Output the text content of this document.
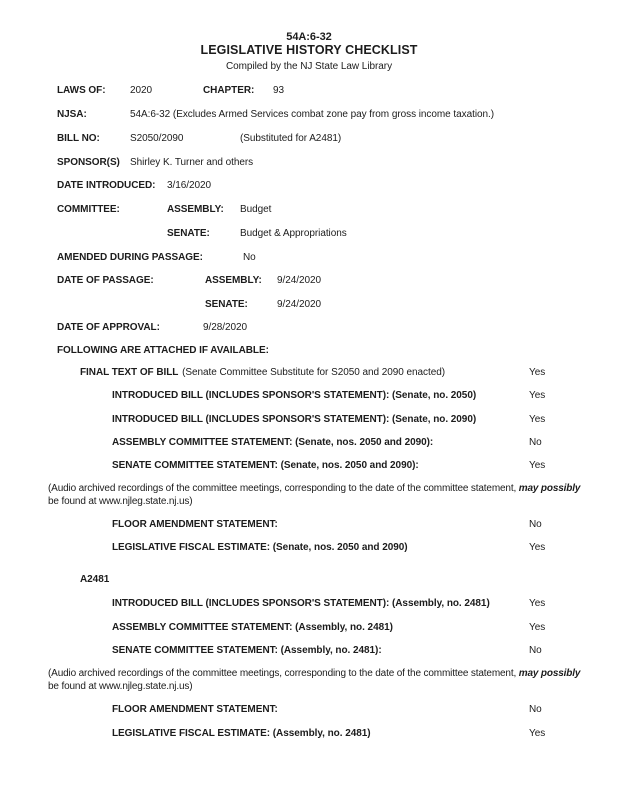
54A:6-32
LEGISLATIVE HISTORY CHECKLIST
Compiled by the NJ State Law Library
LAWS OF: 2020	CHAPTER: 93
NJSA:	54A:6-32 (Excludes Armed Services combat zone pay from gross income taxation.)
BILL NO:	S2050/2090	(Substituted for A2481)
SPONSOR(S) Shirley K. Turner and others
DATE INTRODUCED: 3/16/2020
COMMITTEE:	ASSEMBLY: Budget
SENATE:	Budget & Appropriations
AMENDED DURING PASSAGE:	No
DATE OF PASSAGE:	ASSEMBLY: 9/24/2020
SENATE:	9/24/2020
DATE OF APPROVAL:	9/28/2020
FOLLOWING ARE ATTACHED IF AVAILABLE:
FINAL TEXT OF BILL (Senate Committee Substitute for S2050 and 2090 enacted)	Yes
INTRODUCED BILL (INCLUDES SPONSOR'S STATEMENT): (Senate, no. 2050)	Yes
INTRODUCED BILL (INCLUDES SPONSOR'S STATEMENT): (Senate, no. 2090)	Yes
ASSEMBLY COMMITTEE STATEMENT: (Senate, nos. 2050 and 2090):	No
SENATE COMMITTEE STATEMENT: (Senate, nos. 2050 and 2090):	Yes
(Audio archived recordings of the committee meetings, corresponding to the date of the committee statement, may possibly
be found at www.njleg.state.nj.us)
FLOOR AMENDMENT STATEMENT:	No
LEGISLATIVE FISCAL ESTIMATE: (Senate, nos. 2050 and 2090)	Yes
A2481
INTRODUCED BILL (INCLUDES SPONSOR'S STATEMENT): (Assembly, no. 2481)	Yes
ASSEMBLY COMMITTEE STATEMENT: (Assembly, no. 2481)	Yes
SENATE COMMITTEE STATEMENT: (Assembly, no. 2481):	No
(Audio archived recordings of the committee meetings, corresponding to the date of the committee statement, may possibly
be found at www.njleg.state.nj.us)
FLOOR AMENDMENT STATEMENT:	No
LEGISLATIVE FISCAL ESTIMATE: (Assembly, no. 2481)	Yes
